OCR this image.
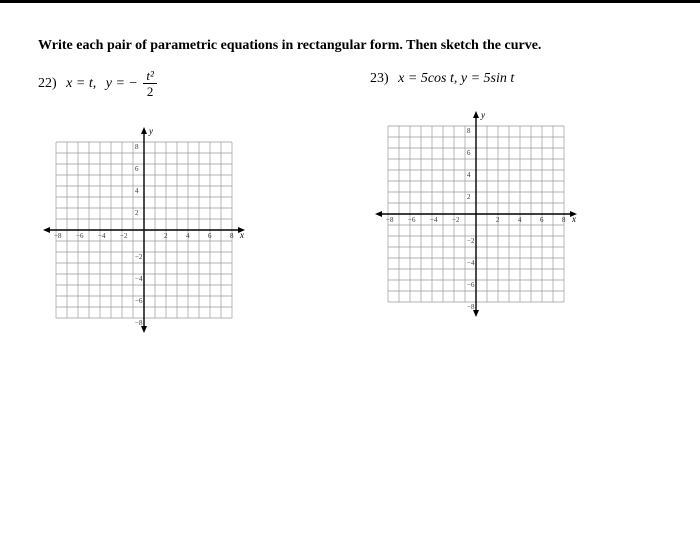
Write each pair of parametric equations in rectangular form. Then sketch the curve.
22) x = t, y = − $\frac{\text{t²}}{2}$	23) x = 5cos t, y = 5sin t
x
y
−8 −6 −4 −2	2	4	6	8
8
6
4
2
−2
−4
−6
−8
x
y
−8 −6 −4 −2	2	4	6	8
8
6
4
2
−2
−4
−6
−8
